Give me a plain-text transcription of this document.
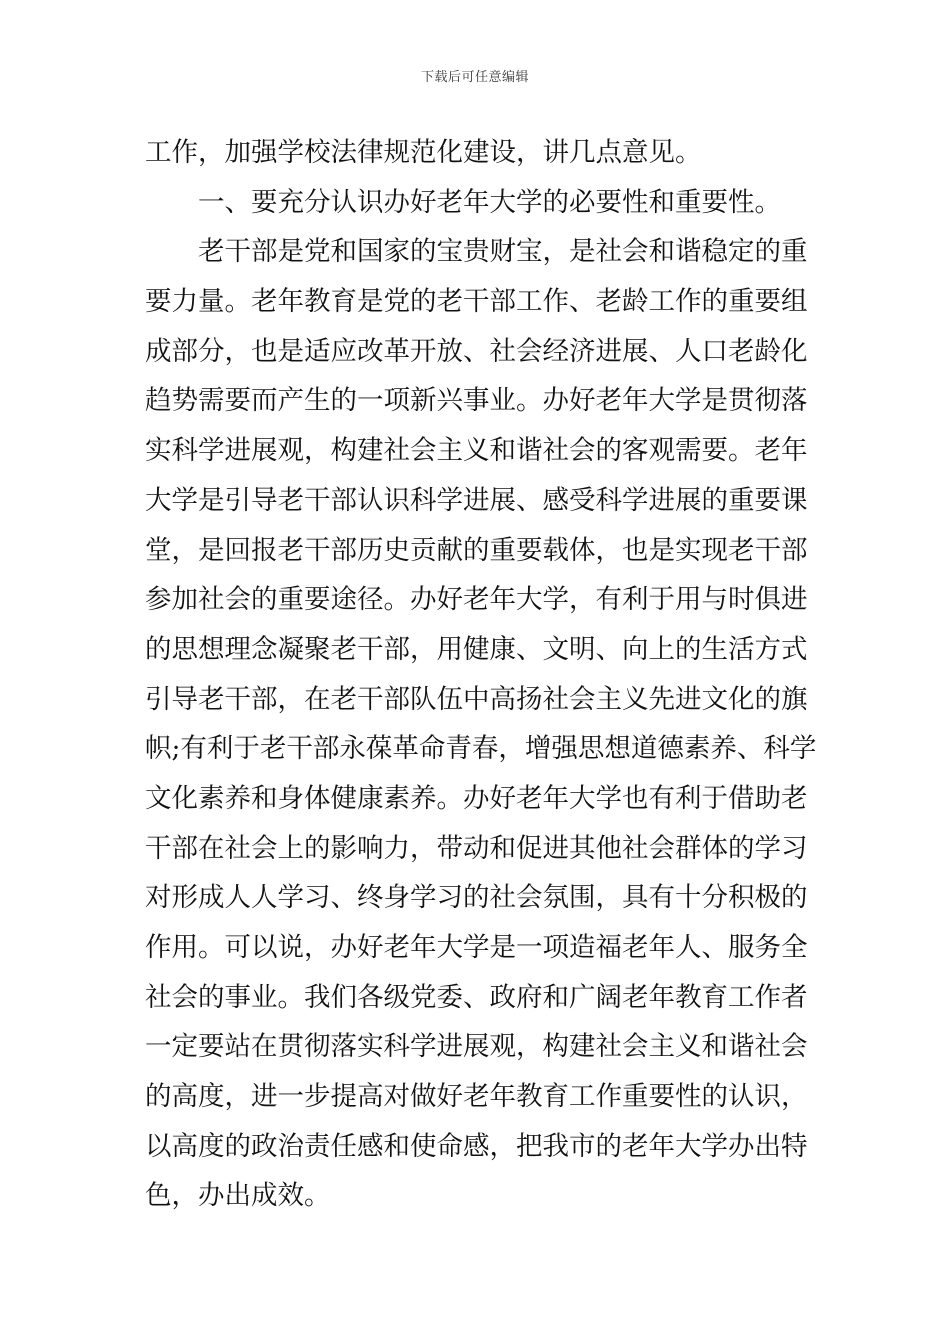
下载后可任意编辑
工作，加强学校法律规范化建设，讲几点意见。
一、要充分认识办好老年大学的必要性和重要性。
老干部是党和国家的宝贵财宝，是社会和谐稳定的重
要力量。老年教育是党的老干部工作、老龄工作的重要组
成部分，也是适应改革开放、社会经济进展、人口老龄化
趋势需要而产生的一项新兴事业。办好老年大学是贯彻落
实科学进展观，构建社会主义和谐社会的客观需要。老年
大学是引导老干部认识科学进展、感受科学进展的重要课
堂，是回报老干部历史贡献的重要载体，也是实现老干部
参加社会的重要途径。办好老年大学，有利于用与时俱进
的思想理念凝聚老干部，用健康、文明、向上的生活方式
引导老干部，在老干部队伍中高扬社会主义先进文化的旗
帜;有利于老干部永葆革命青春，增强思想道德素养、科学
文化素养和身体健康素养。办好老年大学也有利于借助老
干部在社会上的影响力，带动和促进其他社会群体的学习
对形成人人学习、终身学习的社会氛围，具有十分积极的
作用。可以说，办好老年大学是一项造福老年人、服务全
社会的事业。我们各级党委、政府和广阔老年教育工作者
一定要站在贯彻落实科学进展观，构建社会主义和谐社会
的高度，进一步提高对做好老年教育工作重要性的认识，
以高度的政治责任感和使命感，把我市的老年大学办出特
色，办出成效。
